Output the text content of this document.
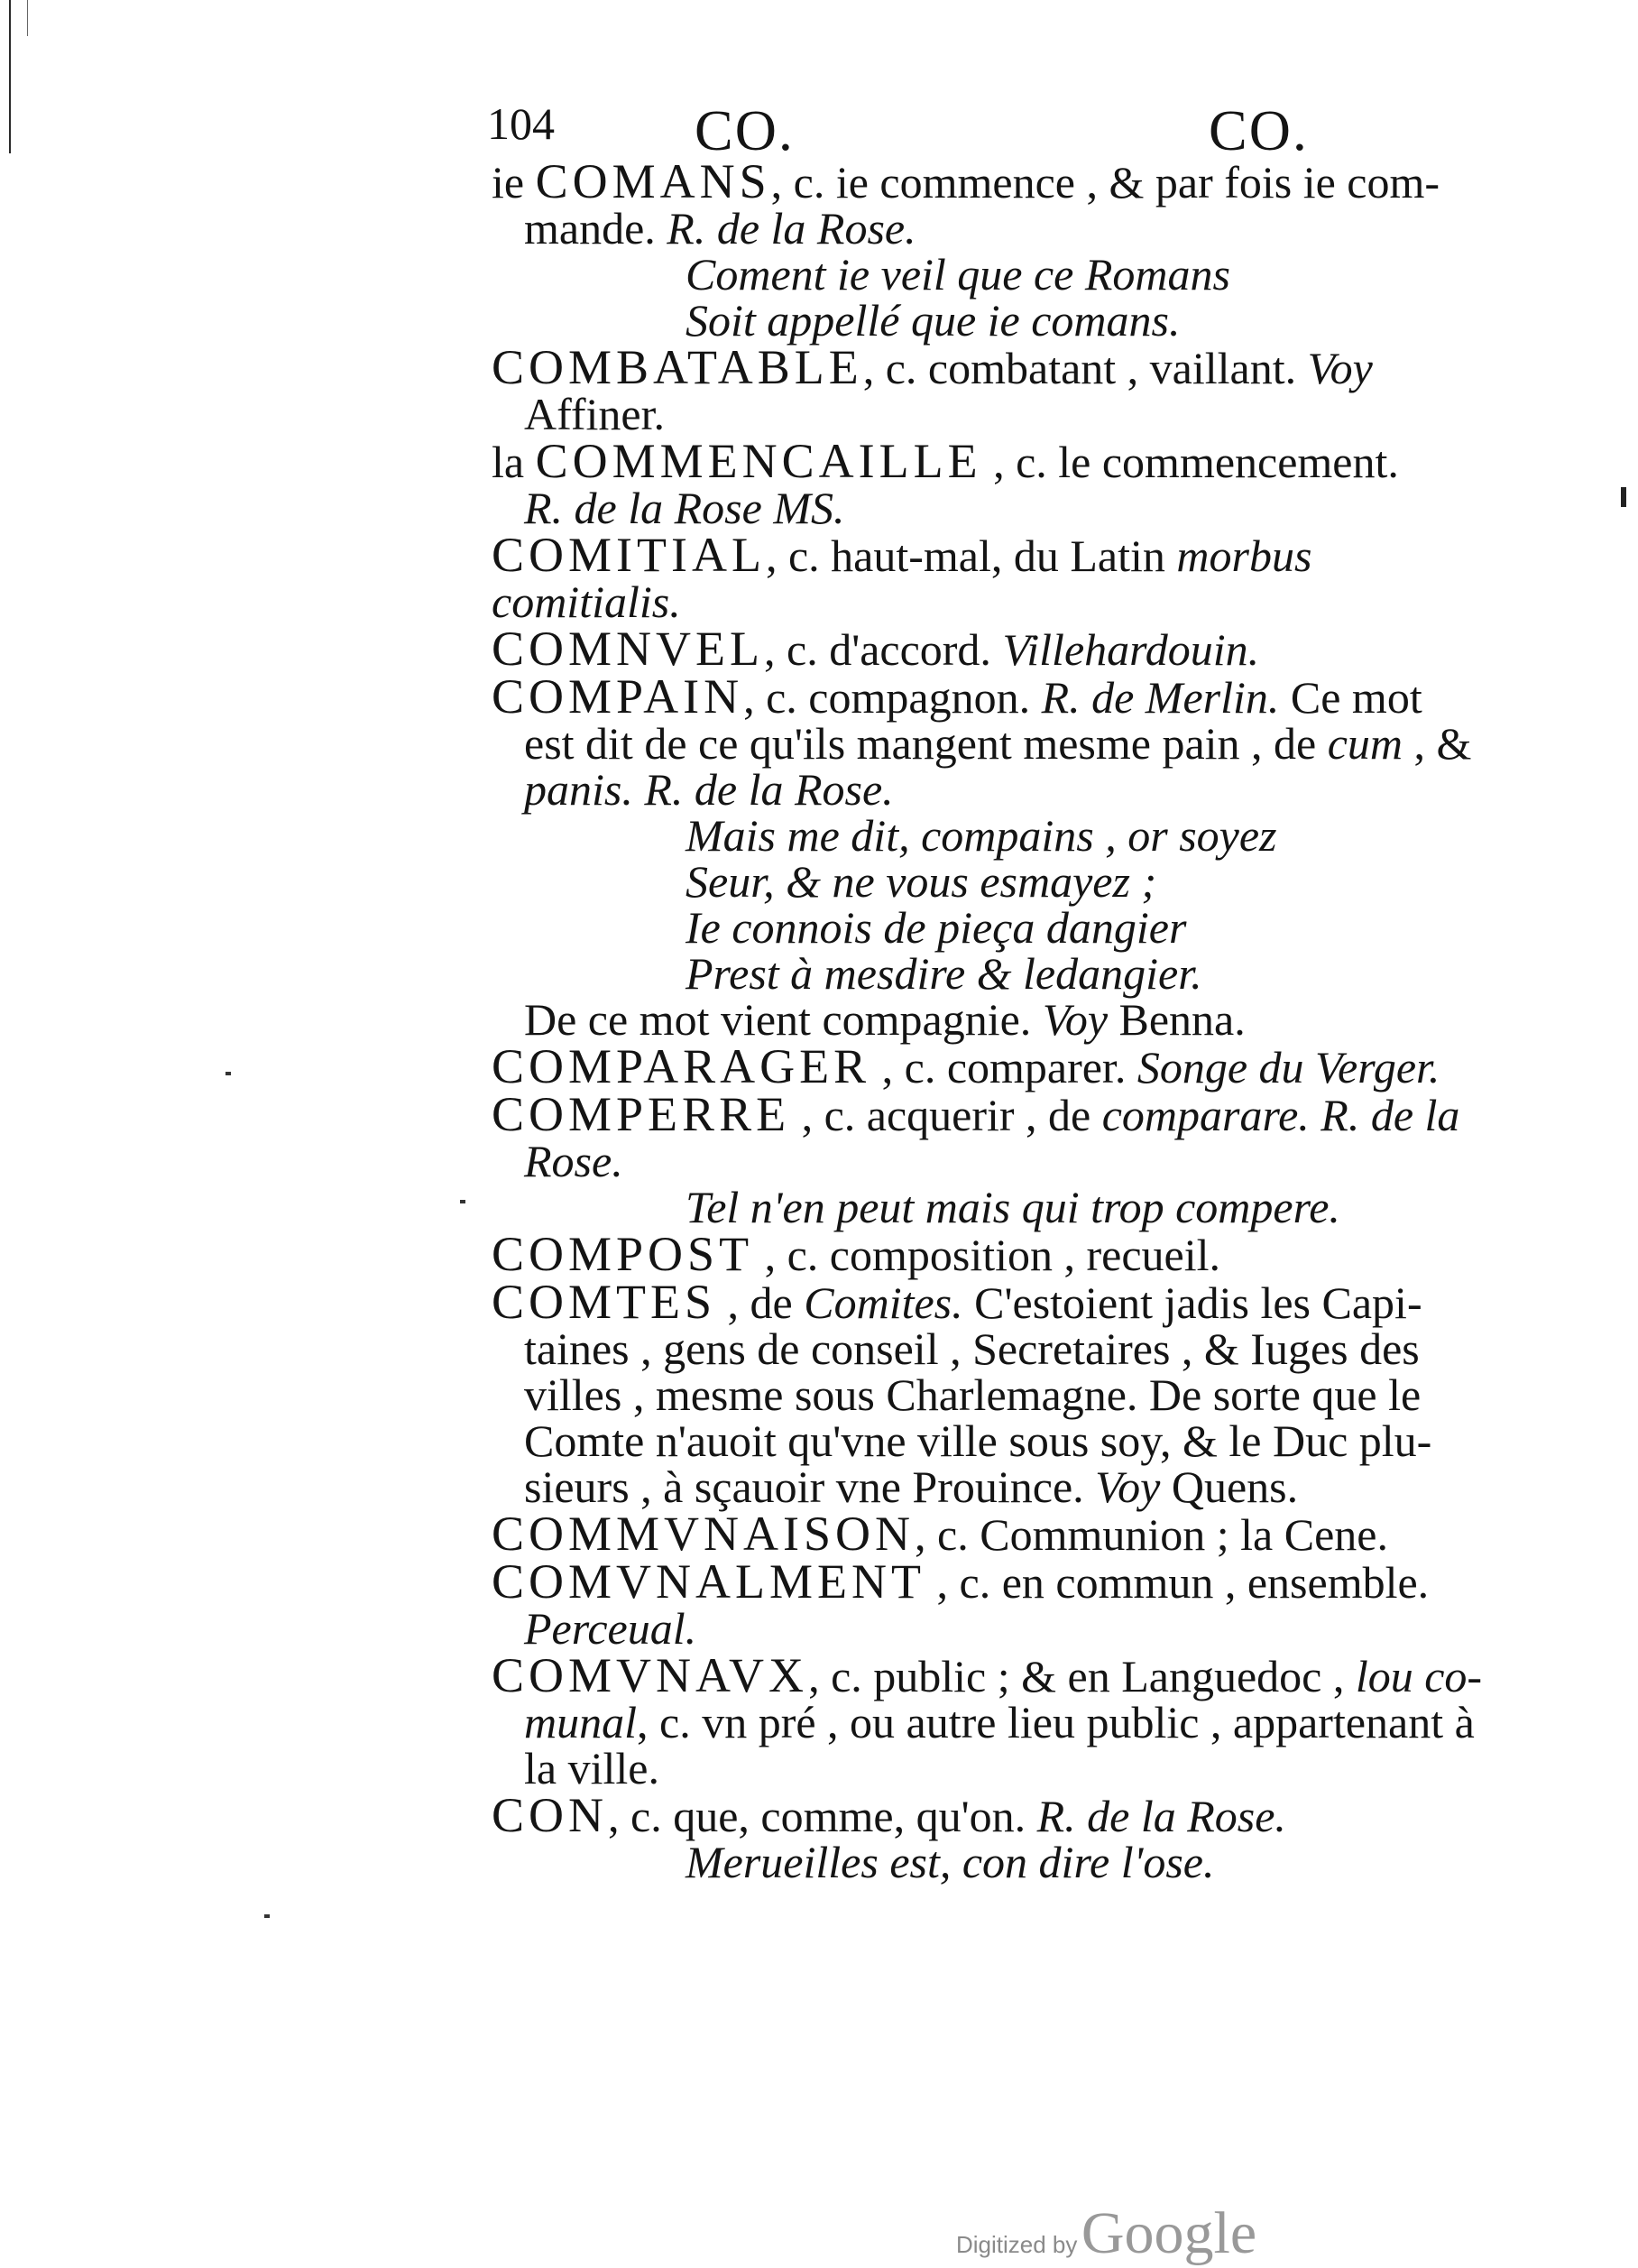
104 CO.	CO.
ie COMANS, c. ie commence , & par fois ie com-
mande. R. de la Rose.
Coment ie veil que ce Romans
Soit appellé que ie comans.
COMBATABLE, c. combatant , vaillant. Voy
Affiner.
la COMMENCAILLE , c. le commencement.
R. de la Rose MS.
COMITIAL, c. haut-mal, du Latin morbus comitialis.
COMNVEL, c. d'accord. Villehardouin.
COMPAIN, c. compagnon. R. de Merlin. Ce mot
est dit de ce qu'ils mangent mesme pain , de cum , &
panis. R. de la Rose.
Mais me dit, compains , or soyez
Seur, & ne vous esmayez ;
Ie connois de pieça dangier
Prest à mesdire & ledangier.
De ce mot vient compagnie. Voy Benna.
COMPARAGER , c. comparer. Songe du Verger.
COMPERRE , c. acquerir , de comparare. R. de la
Rose.
Tel n'en peut mais qui trop compere.
COMPOST , c. composition , recueil.
COMTES , de Comites. C'estoient jadis les Capi-
taines , gens de conseil , Secretaires , & Iuges des
villes , mesme sous Charlemagne. De sorte que le
Comte n'auoit qu'vne ville sous soy, & le Duc plu-
sieurs , à sçauoir vne Prouince. Voy Quens.
COMMVNAISON, c. Communion ; la Cene.
COMVNALMENT , c. en commun , ensemble.
Perceual.
COMVNAVX, c. public ; & en Languedoc , lou co-
munal, c. vn pré , ou autre lieu public , appartenant à
la ville.
CON, c. que, comme, qu'on. R. de la Rose.
Merueilles est, con dire l'ose.
Digitized by Google
